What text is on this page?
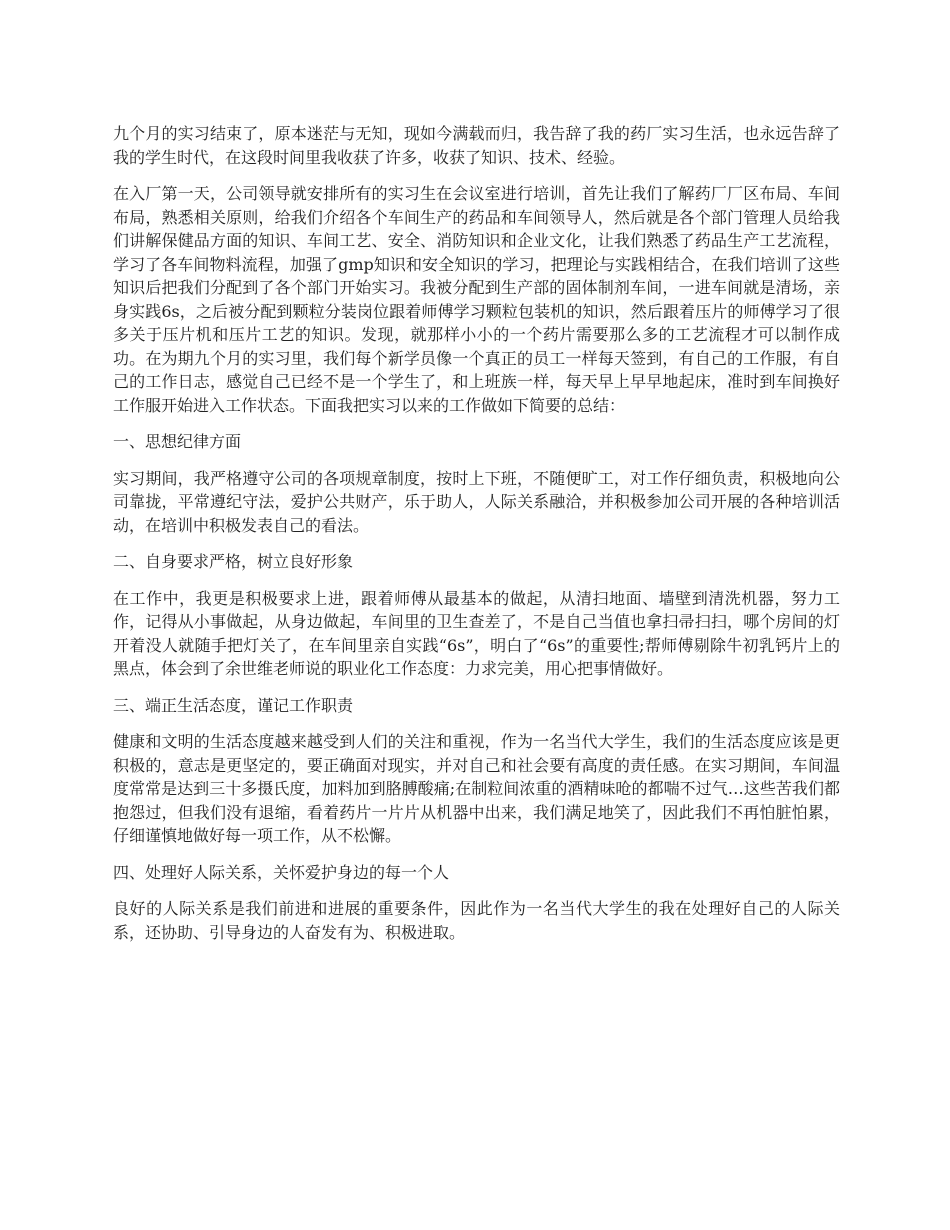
九个月的实习结束了，原本迷茫与无知，现如今满载而归，我告辞了我的药厂实习生活，也永远告辞了我的学生时代，在这段时间里我收获了许多，收获了知识、技术、经验。

在入厂第一天，公司领导就安排所有的实习生在会议室进行培训，首先让我们了解药厂厂区布局、车间布局，熟悉相关原则，给我们介绍各个车间生产的药品和车间领导人，然后就是各个部门管理人员给我们讲解保健品方面的知识、车间工艺、安全、消防知识和企业文化，让我们熟悉了药品生产工艺流程，学习了各车间物料流程，加强了gmp知识和安全知识的学习，把理论与实践相结合，在我们培训了这些知识后把我们分配到了各个部门开始实习。我被分配到生产部的固体制剂车间，一进车间就是清场，亲身实践6s，之后被分配到颗粒分装岗位跟着师傅学习颗粒包装机的知识，然后跟着压片的师傅学习了很多关于压片机和压片工艺的知识。发现，就那样小小的一个药片需要那么多的工艺流程才可以制作成功。在为期九个月的实习里，我们每个新学员像一个真正的员工一样每天签到，有自己的工作服，有自己的工作日志，感觉自己已经不是一个学生了，和上班族一样，每天早上早早地起床，准时到车间换好工作服开始进入工作状态。下面我把实习以来的工作做如下简要的总结：

一、思想纪律方面

实习期间，我严格遵守公司的各项规章制度，按时上下班，不随便旷工，对工作仔细负责，积极地向公司靠拢，平常遵纪守法，爱护公共财产，乐于助人，人际关系融洽，并积极参加公司开展的各种培训活动，在培训中积极发表自己的看法。

二、自身要求严格，树立良好形象

在工作中，我更是积极要求上进，跟着师傅从最基本的做起，从清扫地面、墙壁到清洗机器，努力工作，记得从小事做起，从身边做起，车间里的卫生查差了，不是自己当值也拿扫帚扫扫，哪个房间的灯开着没人就随手把灯关了，在车间里亲自实践“6s”，明白了“6s”的重要性;帮师傅剔除牛初乳钙片上的黑点，体会到了余世维老师说的职业化工作态度：力求完美，用心把事情做好。

三、端正生活态度，谨记工作职责

健康和文明的生活态度越来越受到人们的关注和重视，作为一名当代大学生，我们的生活态度应该是更积极的，意志是更坚定的，要正确面对现实，并对自己和社会要有高度的责任感。在实习期间，车间温度常常是达到三十多摄氏度，加料加到胳膊酸痛;在制粒间浓重的酒精味呛的都喘不过气…这些苦我们都抱怨过，但我们没有退缩，看着药片一片片从机器中出来，我们满足地笑了，因此我们不再怕脏怕累，仔细谨慎地做好每一项工作，从不松懈。

四、处理好人际关系，关怀爱护身边的每一个人

良好的人际关系是我们前进和进展的重要条件，因此作为一名当代大学生的我在处理好自己的人际关系，还协助、引导身边的人奋发有为、积极进取。
